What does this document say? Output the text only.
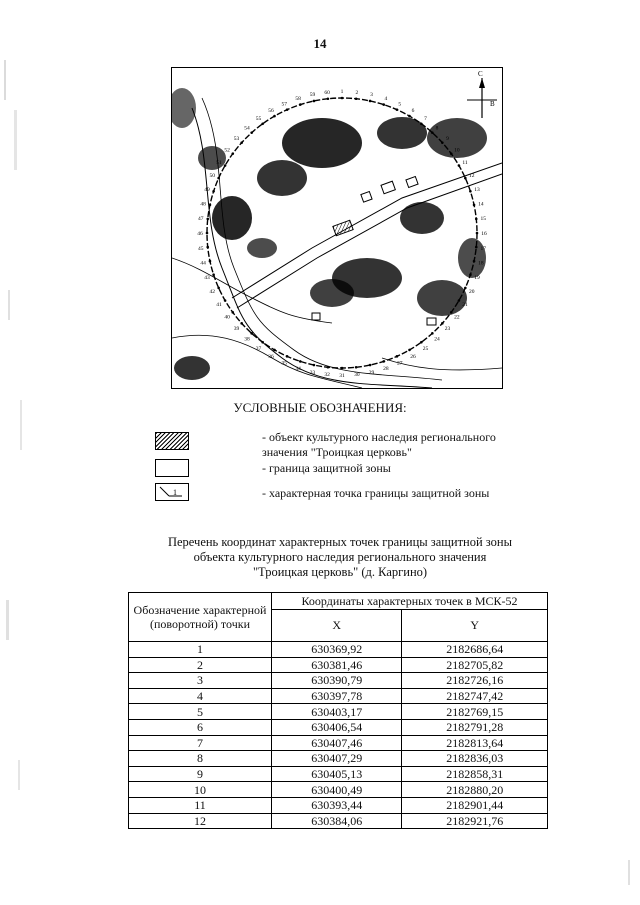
14
1 2 3
4
5
6
7
8
9
10
11
12
13
14
15
16
17
18
19
20
21
22
23
24
25
26
27
28
29
30
31
32
33
34
35
36
37
38
39
40
41
42
43
44
45
46
47
48
49
50
51
52
53
54
55
56
57
58
59 60
С
В
УСЛОВНЫЕ ОБОЗНАЧЕНИЯ:
- объект культурного наследия регионального
значения "Троицкая церковь"
- граница защитной зоны
1	- характерная точка границы защитной зоны
Перечень координат характерных точек границы защитной зоны
объекта культурного наследия регионального значения
"Троицкая церковь" (д. Каргино)
Обозначение характерной (поворотной) точки	Координаты характерных точек в МСК-52	
	X	Y
1	630369,92	2182686,64
2	630381,46	2182705,82
3	630390,79	2182726,16
4	630397,78	2182747,42
5	630403,17	2182769,15
6	630406,54	2182791,28
7	630407,46	2182813,64
8	630407,29	2182836,03
9	630405,13	2182858,31
10	630400,49	2182880,20
11	630393,44	2182901,44
12	630384,06	2182921,76
